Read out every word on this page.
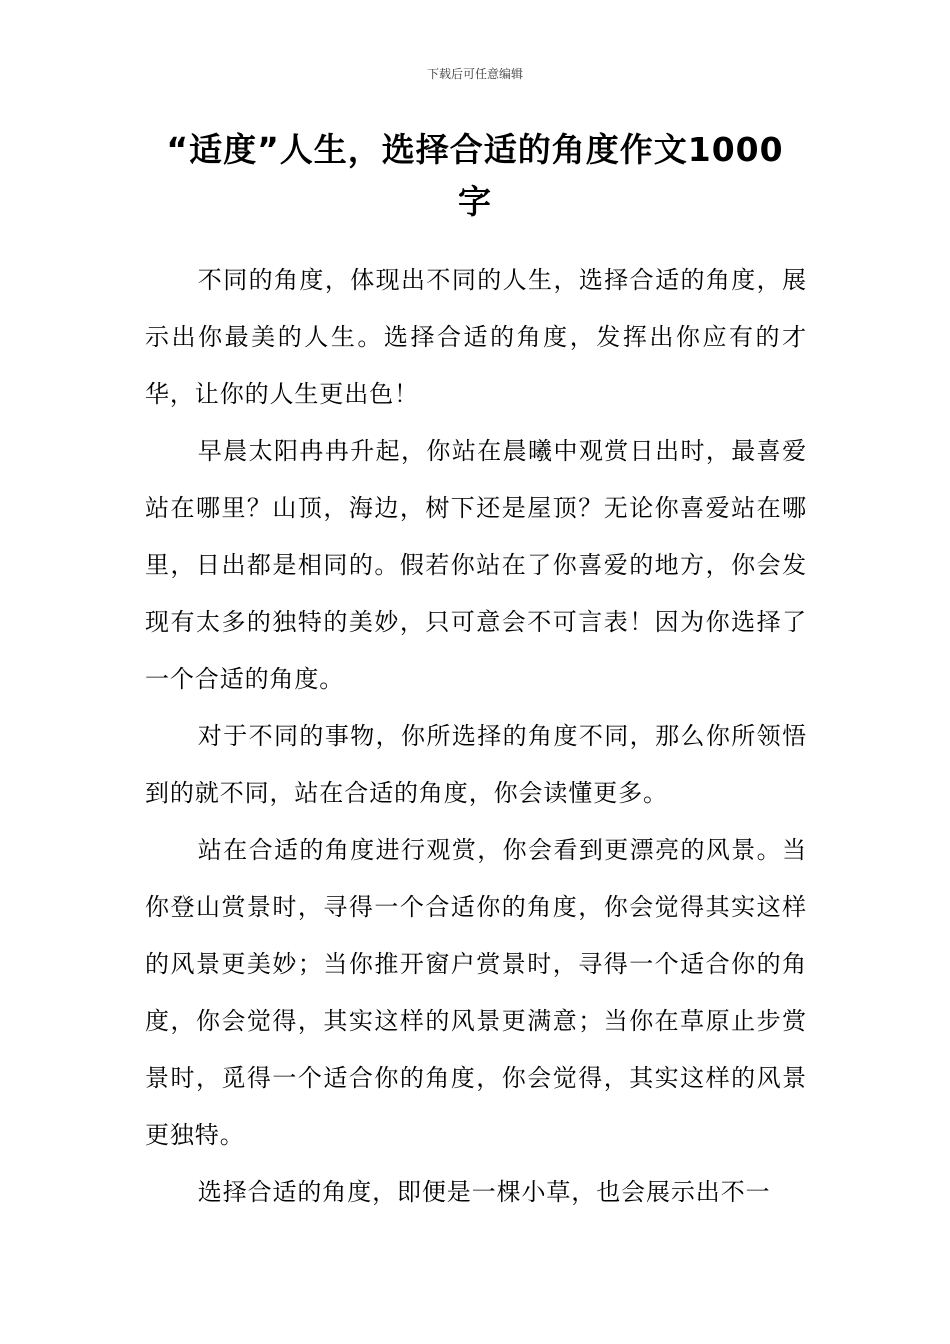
下载后可任意编辑
“适度”人生，选择合适的角度作文1000字

不同的角度，体现出不同的人生，选择合适的角度，展示出你最美的人生。选择合适的角度，发挥出你应有的才华，让你的人生更出色！

早晨太阳冉冉升起，你站在晨曦中观赏日出时，最喜爱站在哪里？山顶，海边，树下还是屋顶？无论你喜爱站在哪里，日出都是相同的。假若你站在了你喜爱的地方，你会发现有太多的独特的美妙，只可意会不可言表！因为你选择了一个合适的角度。

对于不同的事物，你所选择的角度不同，那么你所领悟到的就不同，站在合适的角度，你会读懂更多。

站在合适的角度进行观赏，你会看到更漂亮的风景。当你登山赏景时，寻得一个合适你的角度，你会觉得其实这样的风景更美妙；当你推开窗户赏景时，寻得一个适合你的角度，你会觉得，其实这样的风景更满意；当你在草原止步赏景时，觅得一个适合你的角度，你会觉得，其实这样的风景更独特。

选择合适的角度，即便是一棵小草，也会展示出不一
